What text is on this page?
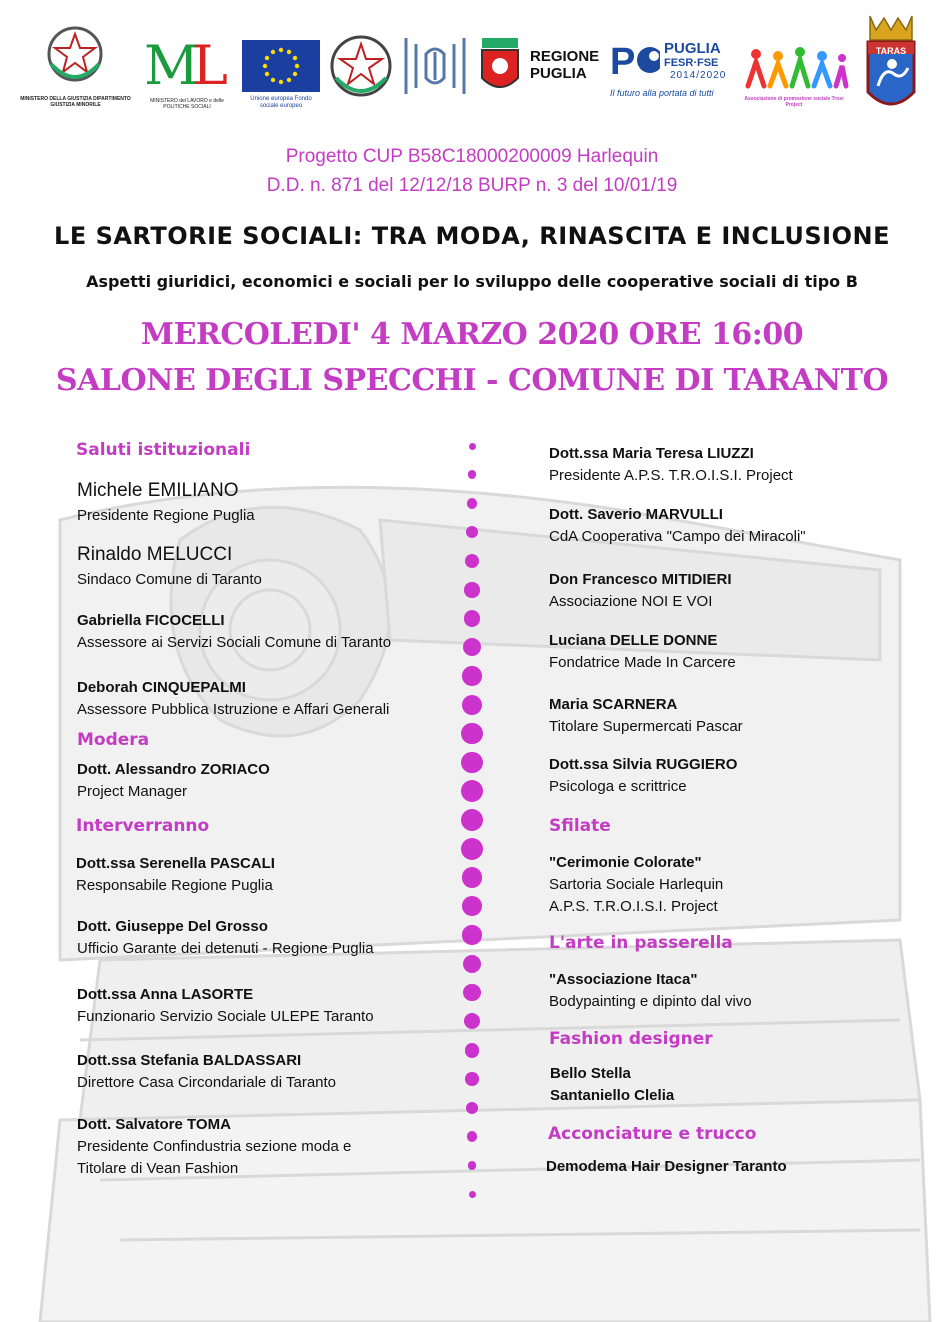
MINISTERO DELLA GIUSTIZIA DIPARTIMENTO GIUSTIZIA MINORILE
M
L
MINISTERO del LAVORO e delle POLITICHE SOCIALI
Unione europea Fondo sociale europeo
REGIONE PUGLIA P PUGLIA
FESR·FSE
2014/2020
Il futuro alla portata di tutti
Associazione di promozione sociale Trosi Project
TARAS
Progetto CUP B58C18000200009 Harlequin
D.D. n. 871 del 12/12/18 BURP n. 3 del 10/01/19
LE SARTORIE SOCIALI: TRA MODA, RINASCITA E INCLUSIONE
Aspetti giuridici, economici e sociali per lo sviluppo delle cooperative sociali di tipo B
MERCOLEDI' 4 MARZO 2020 ORE 16:00
SALONE DEGLI SPECCHI - COMUNE DI TARANTO
Saluti istituzionali
Michele EMILIANO
Presidente Regione Puglia
Rinaldo MELUCCI
Sindaco Comune di Taranto
Gabriella FICOCELLI
Assessore ai Servizi Sociali Comune di Taranto
Deborah CINQUEPALMI
Assessore Pubblica Istruzione e Affari Generali
Modera
Dott. Alessandro ZORIACO
Project Manager
Interverranno
Dott.ssa Serenella PASCALI
Responsabile Regione Puglia
Dott. Giuseppe Del Grosso
Ufficio Garante dei detenuti - Regione Puglia
Dott.ssa Anna LASORTE
Funzionario Servizio Sociale ULEPE Taranto
Dott.ssa Stefania BALDASSARI
Direttore Casa Circondariale di Taranto
Dott. Salvatore TOMA
Presidente Confindustria sezione moda e
Titolare di Vean Fashion
Dott.ssa Maria Teresa LIUZZI
Presidente A.P.S. T.R.O.I.S.I. Project
Dott. Saverio MARVULLI
CdA Cooperativa "Campo dei Miracoli"
Don Francesco MITIDIERI
Associazione NOI E VOI
Luciana DELLE DONNE
Fondatrice Made In Carcere
Maria SCARNERA
Titolare Supermercati Pascar
Dott.ssa Silvia RUGGIERO
Psicologa e scrittrice
Sfilate
"Cerimonie Colorate"
Sartoria Sociale Harlequin
A.P.S. T.R.O.I.S.I. Project
L'arte in passerella
"Associazione Itaca"
Bodypainting e dipinto dal vivo
Fashion designer
Bello Stella
Santaniello Clelia
Acconciature e trucco
Demodema Hair Designer Taranto
